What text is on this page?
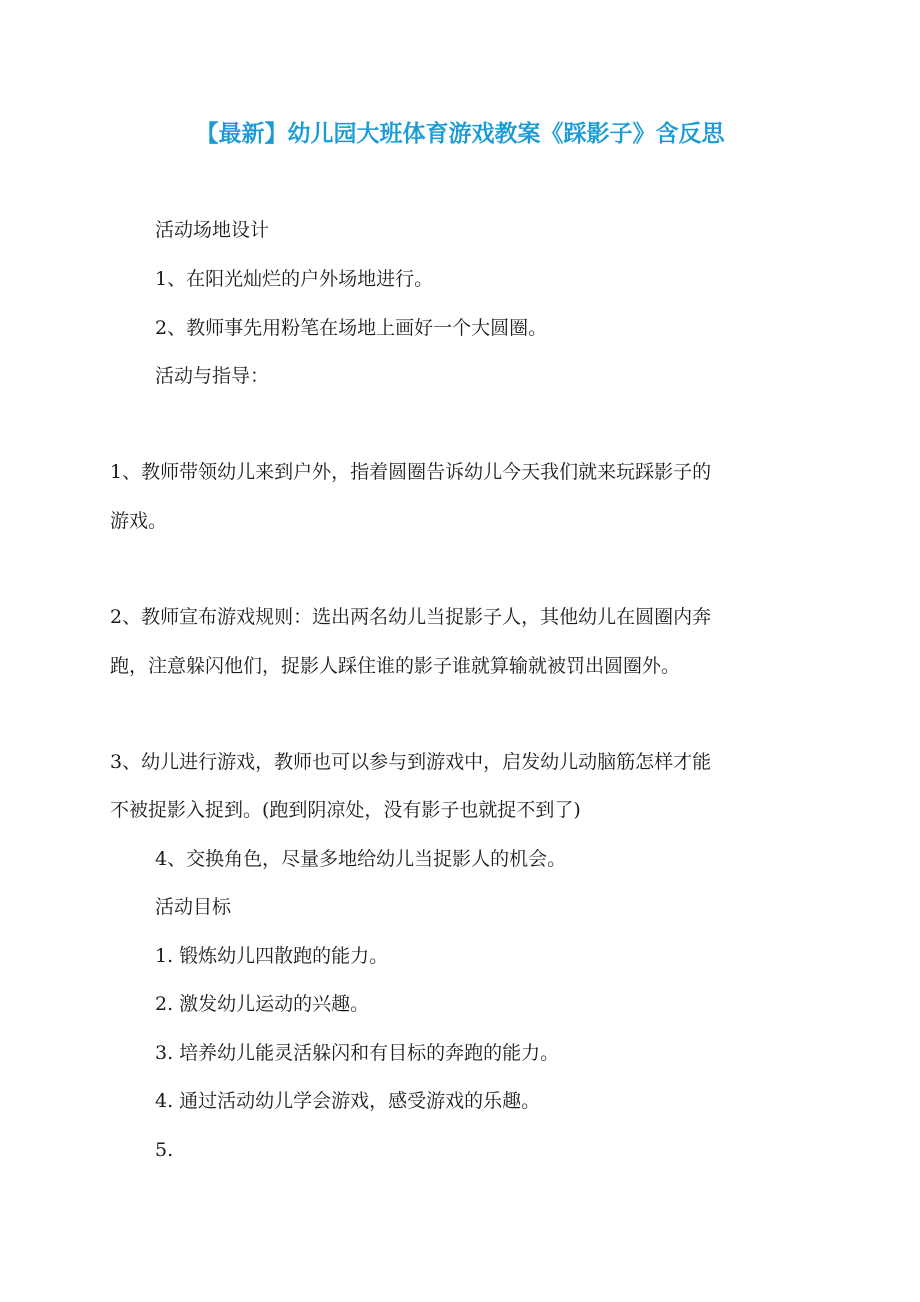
【最新】幼儿园大班体育游戏教案《踩影子》含反思
活动场地设计
1、在阳光灿烂的户外场地进行。
2、教师事先用粉笔在场地上画好一个大圆圈。
活动与指导：
1、教师带领幼儿来到户外，指着圆圈告诉幼儿今天我们就来玩踩影子的
游戏。
2、教师宣布游戏规则：选出两名幼儿当捉影子人，其他幼儿在圆圈内奔
跑，注意躲闪他们，捉影人踩住谁的影子谁就算输就被罚出圆圈外。
3、幼儿进行游戏，教师也可以参与到游戏中，启发幼儿动脑筋怎样才能
不被捉影入捉到。(跑到阴凉处，没有影子也就捉不到了)
4、交换角色，尽量多地给幼儿当捉影人的机会。
活动目标
1. 锻炼幼儿四散跑的能力。
2. 激发幼儿运动的兴趣。
3. 培养幼儿能灵活躲闪和有目标的奔跑的能力。
4. 通过活动幼儿学会游戏，感受游戏的乐趣。
5.
